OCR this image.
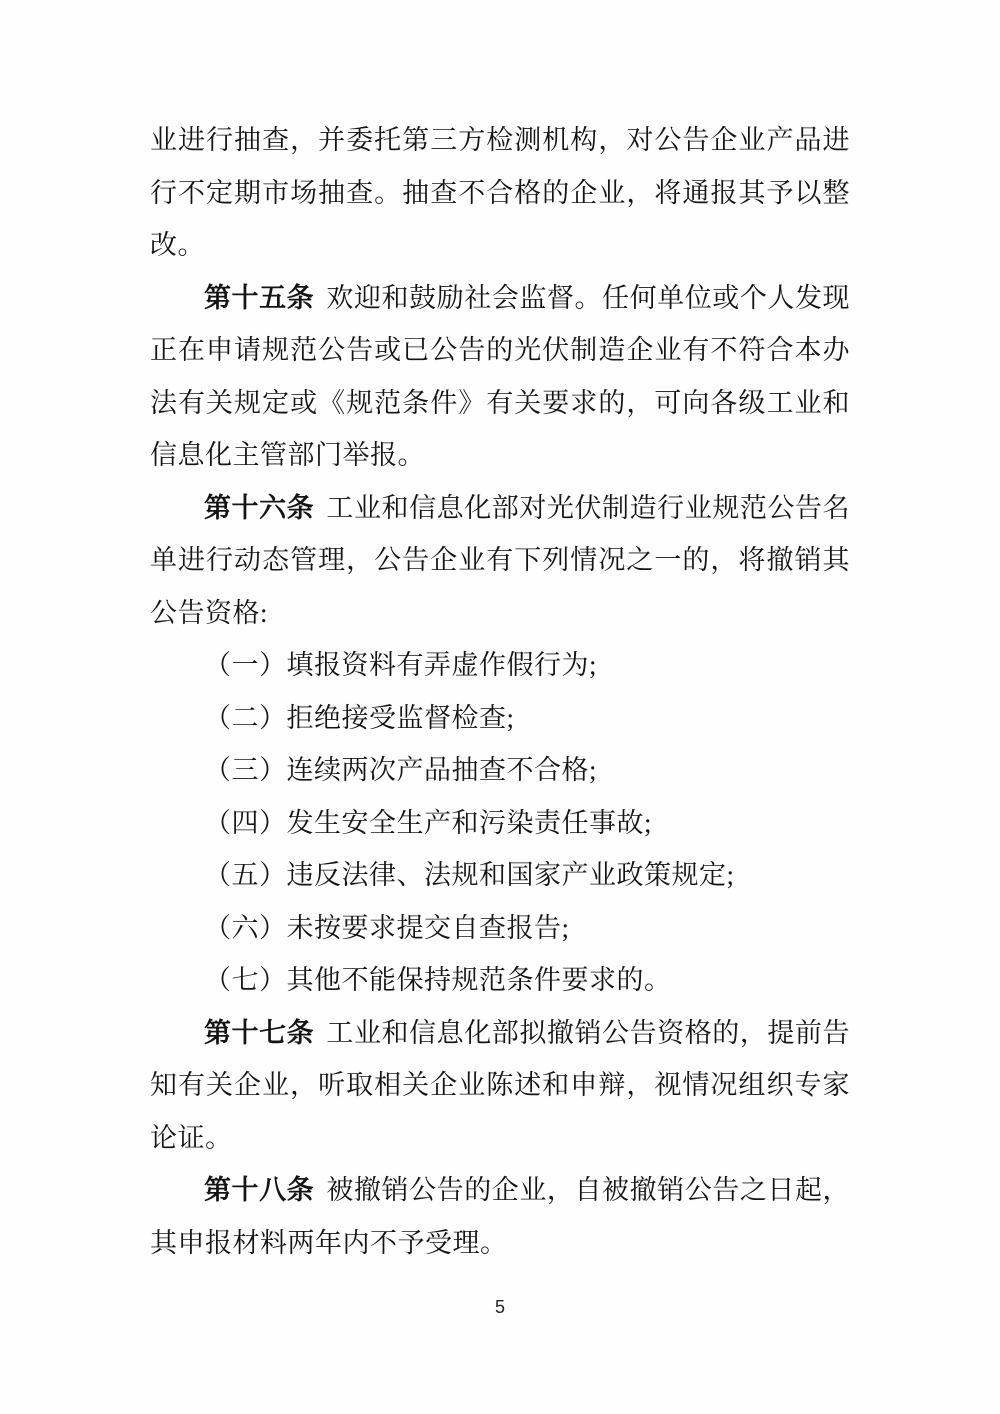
业进行抽查，并委托第三方检测机构，对公告企业产品进行不定期市场抽查。抽查不合格的企业，将通报其予以整改。

第十五条 欢迎和鼓励社会监督。任何单位或个人发现正在申请规范公告或已公告的光伏制造企业有不符合本办法有关规定或《规范条件》有关要求的，可向各级工业和信息化主管部门举报。

第十六条 工业和信息化部对光伏制造行业规范公告名单进行动态管理，公告企业有下列情况之一的，将撤销其公告资格:

（一）填报资料有弄虚作假行为;

（二）拒绝接受监督检查;

（三）连续两次产品抽查不合格;

（四）发生安全生产和污染责任事故;

（五）违反法律、法规和国家产业政策规定;

（六）未按要求提交自查报告;

（七）其他不能保持规范条件要求的。

第十七条 工业和信息化部拟撤销公告资格的，提前告知有关企业，听取相关企业陈述和申辩，视情况组织专家论证。

第十八条 被撤销公告的企业，自被撤销公告之日起，其申报材料两年内不予受理。

5
